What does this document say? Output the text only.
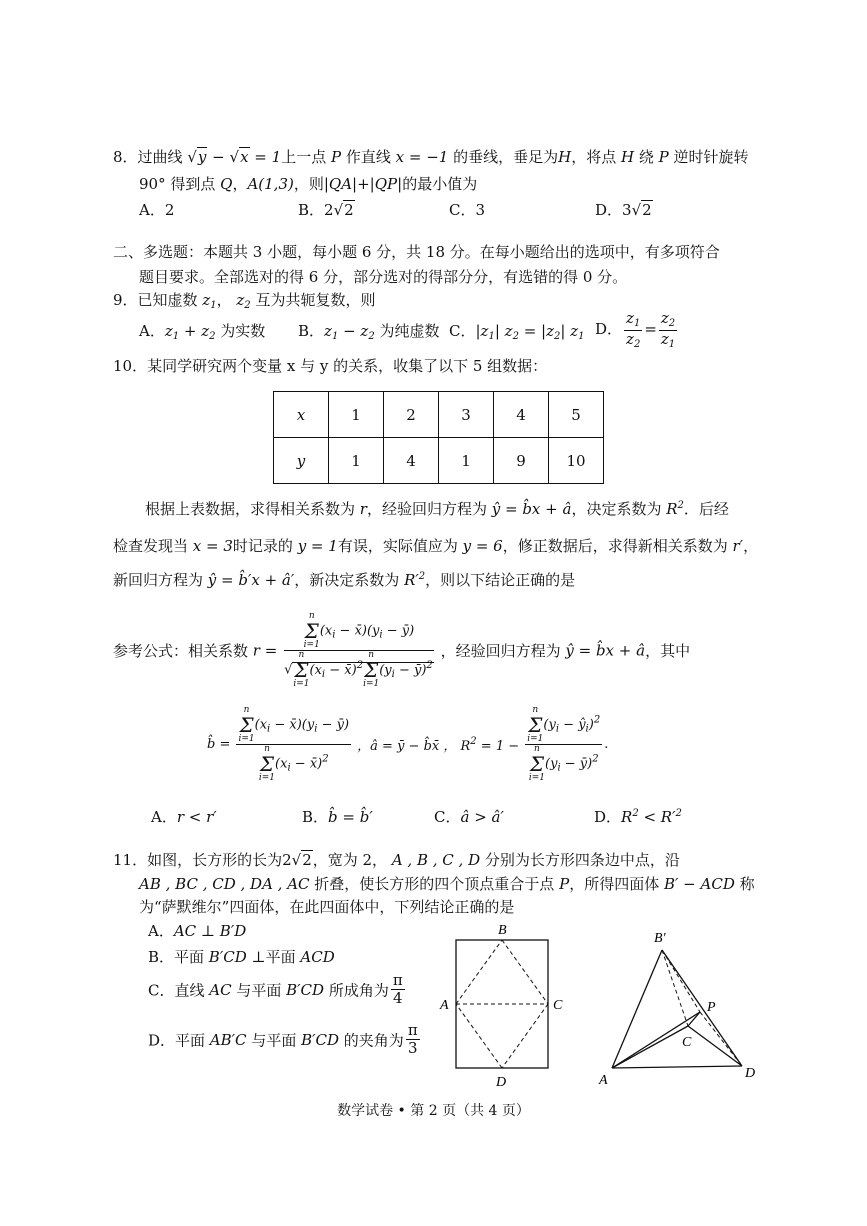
8．过曲线 √y − √x = 1上一点 P 作直线 x = −1 的垂线，垂足为H，将点 H 绕 P 逆时针旋转
90° 得到点 Q，A(1,3)，则|QA|+|QP|的最小值为
A．2	B．2√2	C．3	D．3√2
二、多选题：本题共 3 小题，每小题 6 分，共 18 分。在每小题给出的选项中，有多项符合
题目要求。全部选对的得 6 分，部分选对的得部分分，有选错的得 0 分。
9．已知虚数 $z_1$， $z_2$ 互为共轭复数，则
A．$z_1 + z_2$ 为实数 B．$z_1 - z_2$ 为纯虚数 C．$|z_1|$ $z_2 = |z_2|$ $z_1$ D． $\frac{z_1}{z_2} = \frac{z_2}{z_1}$
10．某同学研究两个变量 x 与 y 的关系，收集了以下 5 组数据：
x	1	2	3	4	5
y	1	4	1	9	10
根据上表数据，求得相关系数为 r，经验回归方程为 ŷ = b̂x + â，决定系数为 $R^2$．后经
检查发现当 x = 3时记录的 y = 1有误，实际值应为 y = 6，修正数据后，求得新相关系数为 r′，
新回归方程为 ŷ = b̂′x + â′，新决定系数为 $R'^2$，则以下结论正确的是
参考公式：相关系数 r = n
Σ
i=1
($x_i$ − $x̄)(y_i$ − ȳ)
√
n
Σ
i=1
($x_i$ − x̄)$^2$
n
Σ
i=1
($y_i$ − ȳ)$^2$ ，经验回归方程为 ŷ = b̂x + â，其中
b̂ = n
Σ
i=1
($x_i$ − $x̄)(y_i$ − ȳ)
n
Σ
i=1
($x_i$ − x̄)$^2$ ，â = ȳ − b̂x̄ ， $R^2 = 1 - n$
Σ
i=1
($y_i$ − $ŷ_i)^2$
n
Σ
i=1
($y_i$ − ȳ)$^2$ .
A．r < r′	B．b̂ = b̂′	C．â > â′	D．$R^2 < R'^2$
11．如图，长方形的长为2√2，宽为 2， A , B , C , D 分别为长方形四条边中点，沿
AB , BC , CD , DA , AC 折叠，使长方形的四个顶点重合于点 P，所得四面体 B′ − ACD 称
为“萨默维尔”四面体，在此四面体中，下列结论正确的是
A．AC ⊥ B′D
B．平面 B′CD ⊥平面 ACD
C．直线 AC 与平面 B′CD 所成角为 $\frac{\pi}{4}$
D．平面 AB′C 与平面 B′CD 的夹角为 $\frac{\pi}{3}$
A
B
C
D
B′
P
C
A	D
数学试卷 • 第 2 页（共 4 页）
